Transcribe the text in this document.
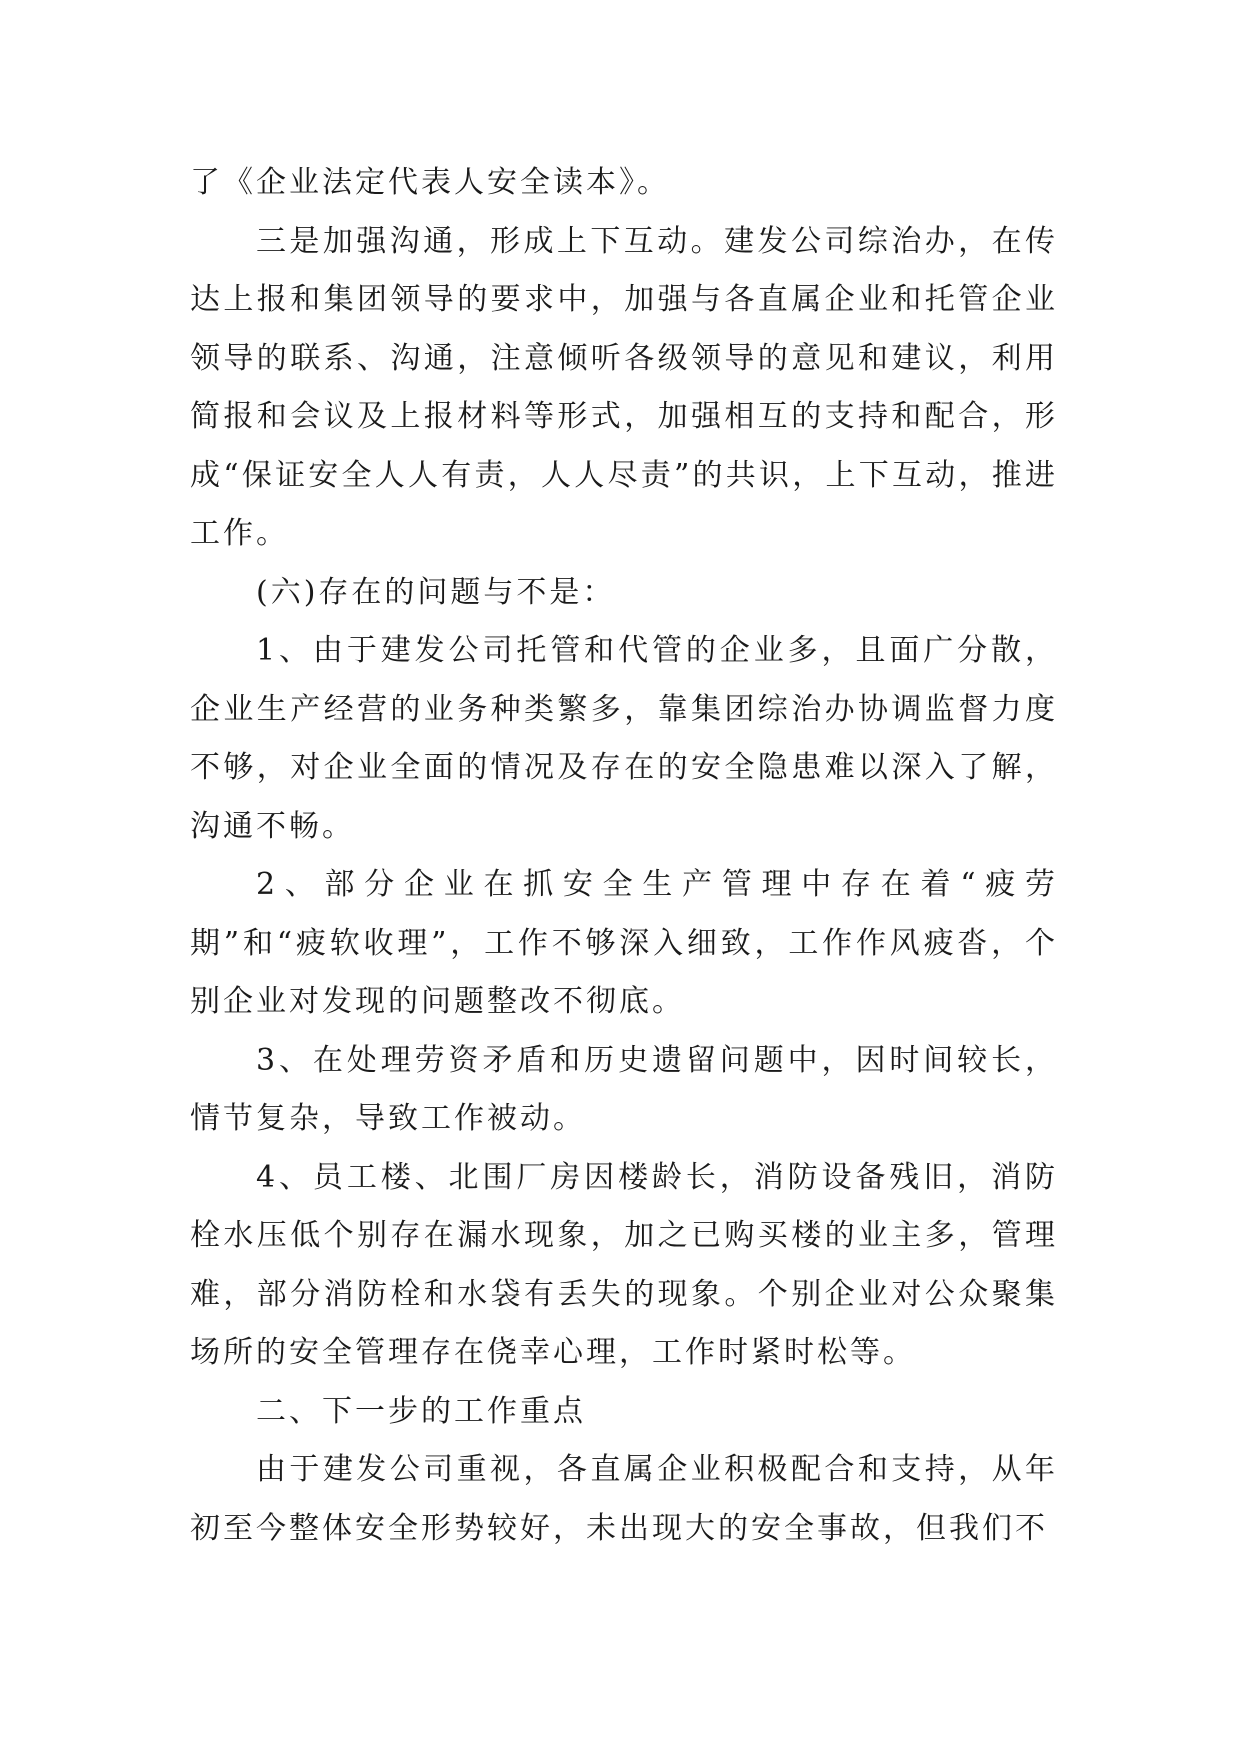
了《企业法定代表人安全读本》。

三是加强沟通，形成上下互动。建发公司综治办，在传达上报和集团领导的要求中，加强与各直属企业和托管企业领导的联系、沟通，注意倾听各级领导的意见和建议，利用简报和会议及上报材料等形式，加强相互的支持和配合，形成“保证安全人人有责，人人尽责”的共识，上下互动，推进工作。

(六)存在的问题与不是：

1、由于建发公司托管和代管的企业多，且面广分散，企业生产经营的业务种类繁多，靠集团综治办协调监督力度不够，对企业全面的情况及存在的安全隐患难以深入了解，沟通不畅。

2、部分企业在抓安全生产管理中存在着“疲劳期”和“疲软收理”，工作不够深入细致，工作作风疲沓，个别企业对发现的问题整改不彻底。

3、在处理劳资矛盾和历史遗留问题中，因时间较长，情节复杂，导致工作被动。

4、员工楼、北围厂房因楼龄长，消防设备残旧，消防栓水压低个别存在漏水现象，加之已购买楼的业主多，管理难，部分消防栓和水袋有丢失的现象。个别企业对公众聚集场所的安全管理存在侥幸心理，工作时紧时松等。

二、下一步的工作重点

由于建发公司重视，各直属企业积极配合和支持，从年初至今整体安全形势较好，未出现大的安全事故，但我们不
